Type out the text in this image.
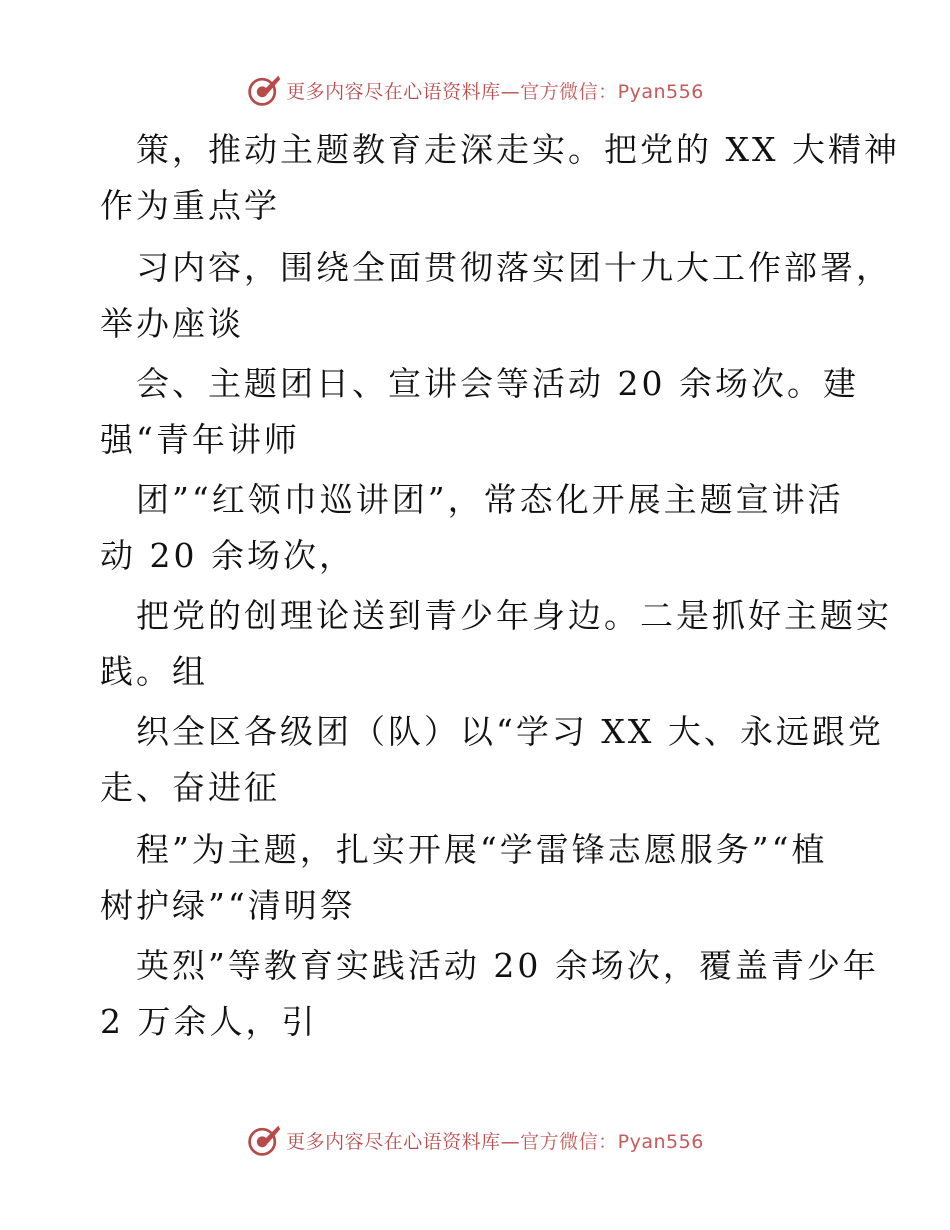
更多内容尽在心语资料库—官方微信：Pyan556
策，推动主题教育走深走实。把党的 XX 大精神
作为重点学
习内容，围绕全面贯彻落实团十九大工作部署，
举办座谈
会、主题团日、宣讲会等活动 20 余场次。建
强“青年讲师
团”“红领巾巡讲团”，常态化开展主题宣讲活
动 20 余场次，
把党的创理论送到青少年身边。二是抓好主题实
践。组
织全区各级团（队）以“学习 XX 大、永远跟党
走、奋进征
程”为主题，扎实开展“学雷锋志愿服务”“植
树护绿”“清明祭
英烈”等教育实践活动 20 余场次，覆盖青少年
2 万余人，引
更多内容尽在心语资料库—官方微信：Pyan556
